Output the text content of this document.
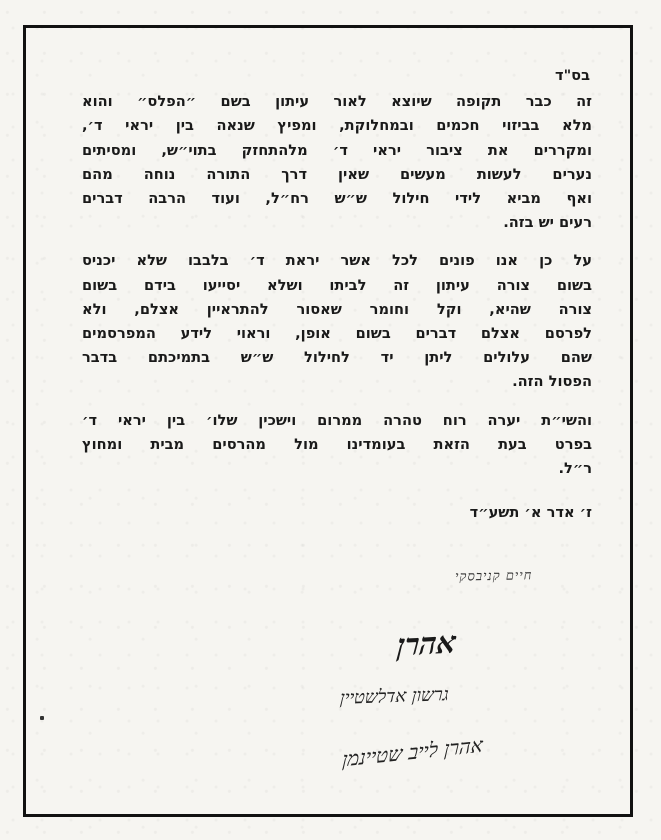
בס"ד
זה כבר תקופה שיוצא לאור עיתון בשם ״הפלס״ והוא
מלא בביזוי חכמים ובמחלוקת, ומפיץ שנאה בין יראי ד׳,
ומקררים את ציבור יראי ד׳ מלהתחזק בתוי״ש, ומסיתים
נערים לעשות מעשים שאין דרך התורה נוחה מהם
ואף מביא לידי חילול ש״ש רח״ל, ועוד הרבה דברים
רעים יש בזה.
על כן אנו פונים לכל אשר יראת ד׳ בלבבו שלא יכניס
בשום צורה עיתון זה לביתו ושלא יסייעו בידם בשום
צורה שהיא, וקל וחומר שאסור להתראיין אצלם, ולא
לפרסם אצלם דברים בשום אופן, וראוי לידע המפרסמים
שהם עלולים ליתן יד לחילול ש״ש בתמיכתם בדבר
הפסול הזה.
והשי״ת יערה רוח טהרה ממרום וישכין שלו׳ בין יראי ד׳
בפרט בעת הזאת בעומדינו מול מהרסים מבית ומחוץ
ר״ל.
ז׳ אדר א׳ תשע״ד
חיים קניבסקי
אהרן
גרשון אדלשטיין
אהרן לייב שטיינמן
